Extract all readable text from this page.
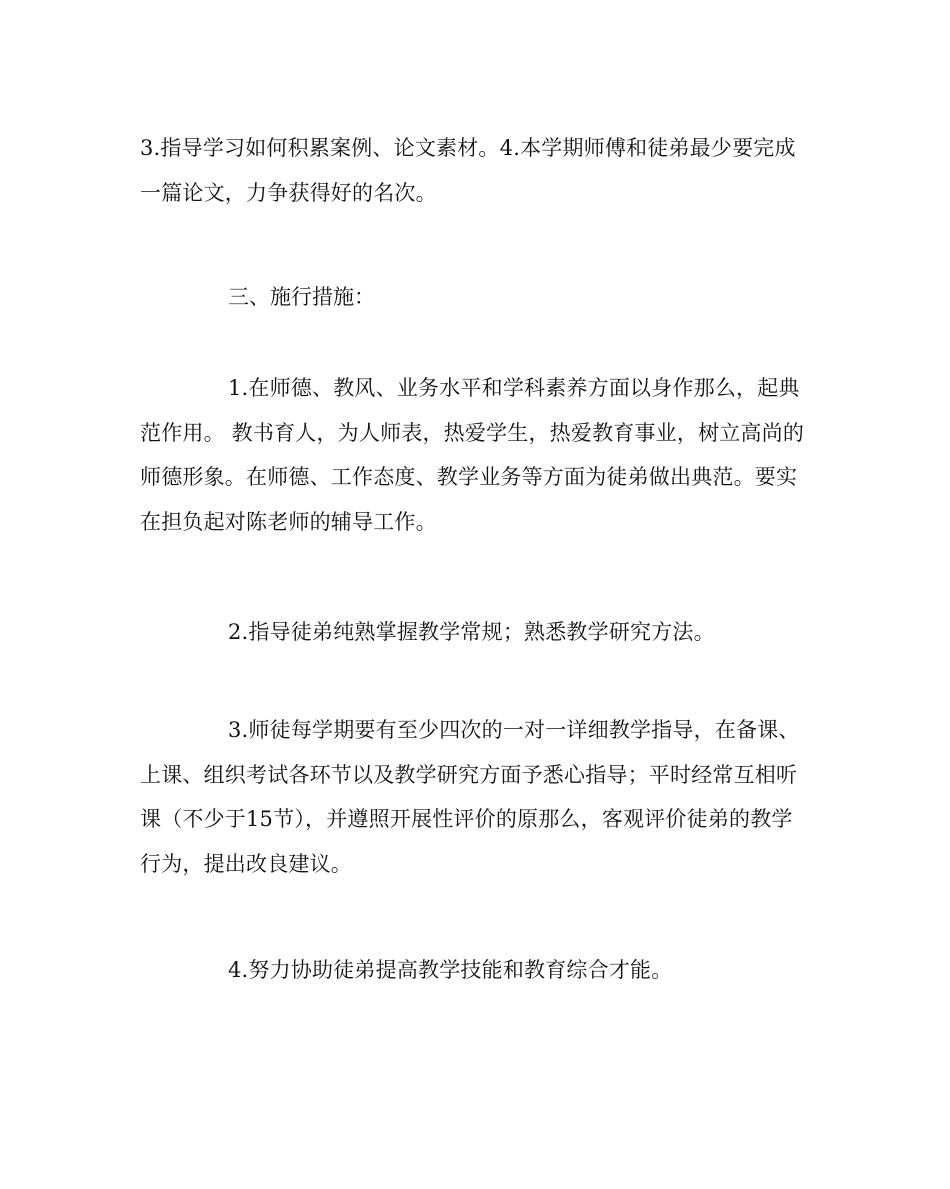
3.指导学习如何积累案例、论文素材。4.本学期师傅和徒弟最少要完成一篇论文，力争获得好的名次。

三、施行措施：

1.在师德、教风、业务水平和学科素养方面以身作那么，起典范作用。 教书育人，为人师表，热爱学生，热爱教育事业，树立高尚的师德形象。在师德、工作态度、教学业务等方面为徒弟做出典范。要实在担负起对陈老师的辅导工作。

2.指导徒弟纯熟掌握教学常规；熟悉教学研究方法。

3.师徒每学期要有至少四次的一对一详细教学指导，在备课、上课、组织考试各环节以及教学研究方面予悉心指导；平时经常互相听课（不少于15节），并遵照开展性评价的原那么，客观评价徒弟的教学行为，提出改良建议。

4.努力协助徒弟提高教学技能和教育综合才能。
